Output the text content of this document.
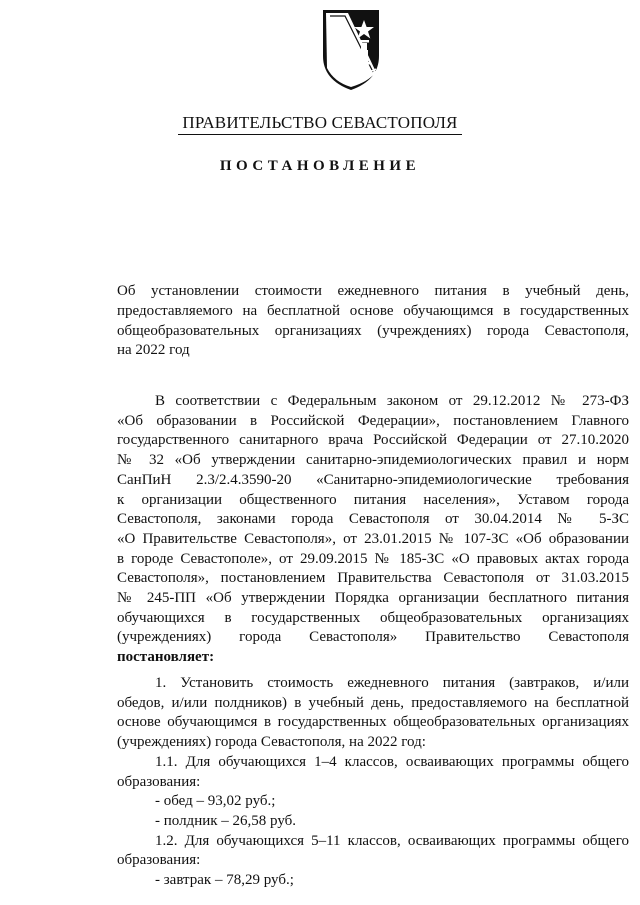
ПРАВИТЕЛЬСТВО СЕВАСТОПОЛЯ
ПОСТАНОВЛЕНИЕ
Об установлении стоимости ежедневного питания в учебный день,
предоставляемого на бесплатной основе обучающимся в государственных
общеобразовательных организациях (учреждениях) города Севастополя,
на 2022 год
В соответствии с Федеральным законом от 29.12.2012 № 273-ФЗ
«Об образовании в Российской Федерации», постановлением Главного
государственного санитарного врача Российской Федерации от 27.10.2020
№ 32 «Об утверждении санитарно-эпидемиологических правил и норм
СанПиН 2.3/2.4.3590-20 «Санитарно-эпидемиологические требования
к организации общественного питания населения», Уставом города
Севастополя, законами города Севастополя от 30.04.2014 № 5-ЗС
«О Правительстве Севастополя», от 23.01.2015 № 107-ЗС «Об образовании
в городе Севастополе», от 29.09.2015 № 185-ЗС «О правовых актах города
Севастополя», постановлением Правительства Севастополя от 31.03.2015
№ 245-ПП «Об утверждении Порядка организации бесплатного питания
обучающихся в государственных общеобразовательных организациях
(учреждениях) города Севастополя» Правительство Севастополя
постановляет:
1. Установить стоимость ежедневного питания (завтраков, и/или
обедов, и/или полдников) в учебный день, предоставляемого на бесплатной
основе обучающимся в государственных общеобразовательных организациях
(учреждениях) города Севастополя, на 2022 год:
1.1. Для обучающихся 1–4 классов, осваивающих программы общего
образования:
- обед – 93,02 руб.;
- полдник – 26,58 руб.
1.2. Для обучающихся 5–11 классов, осваивающих программы общего
образования:
- завтрак – 78,29 руб.;
